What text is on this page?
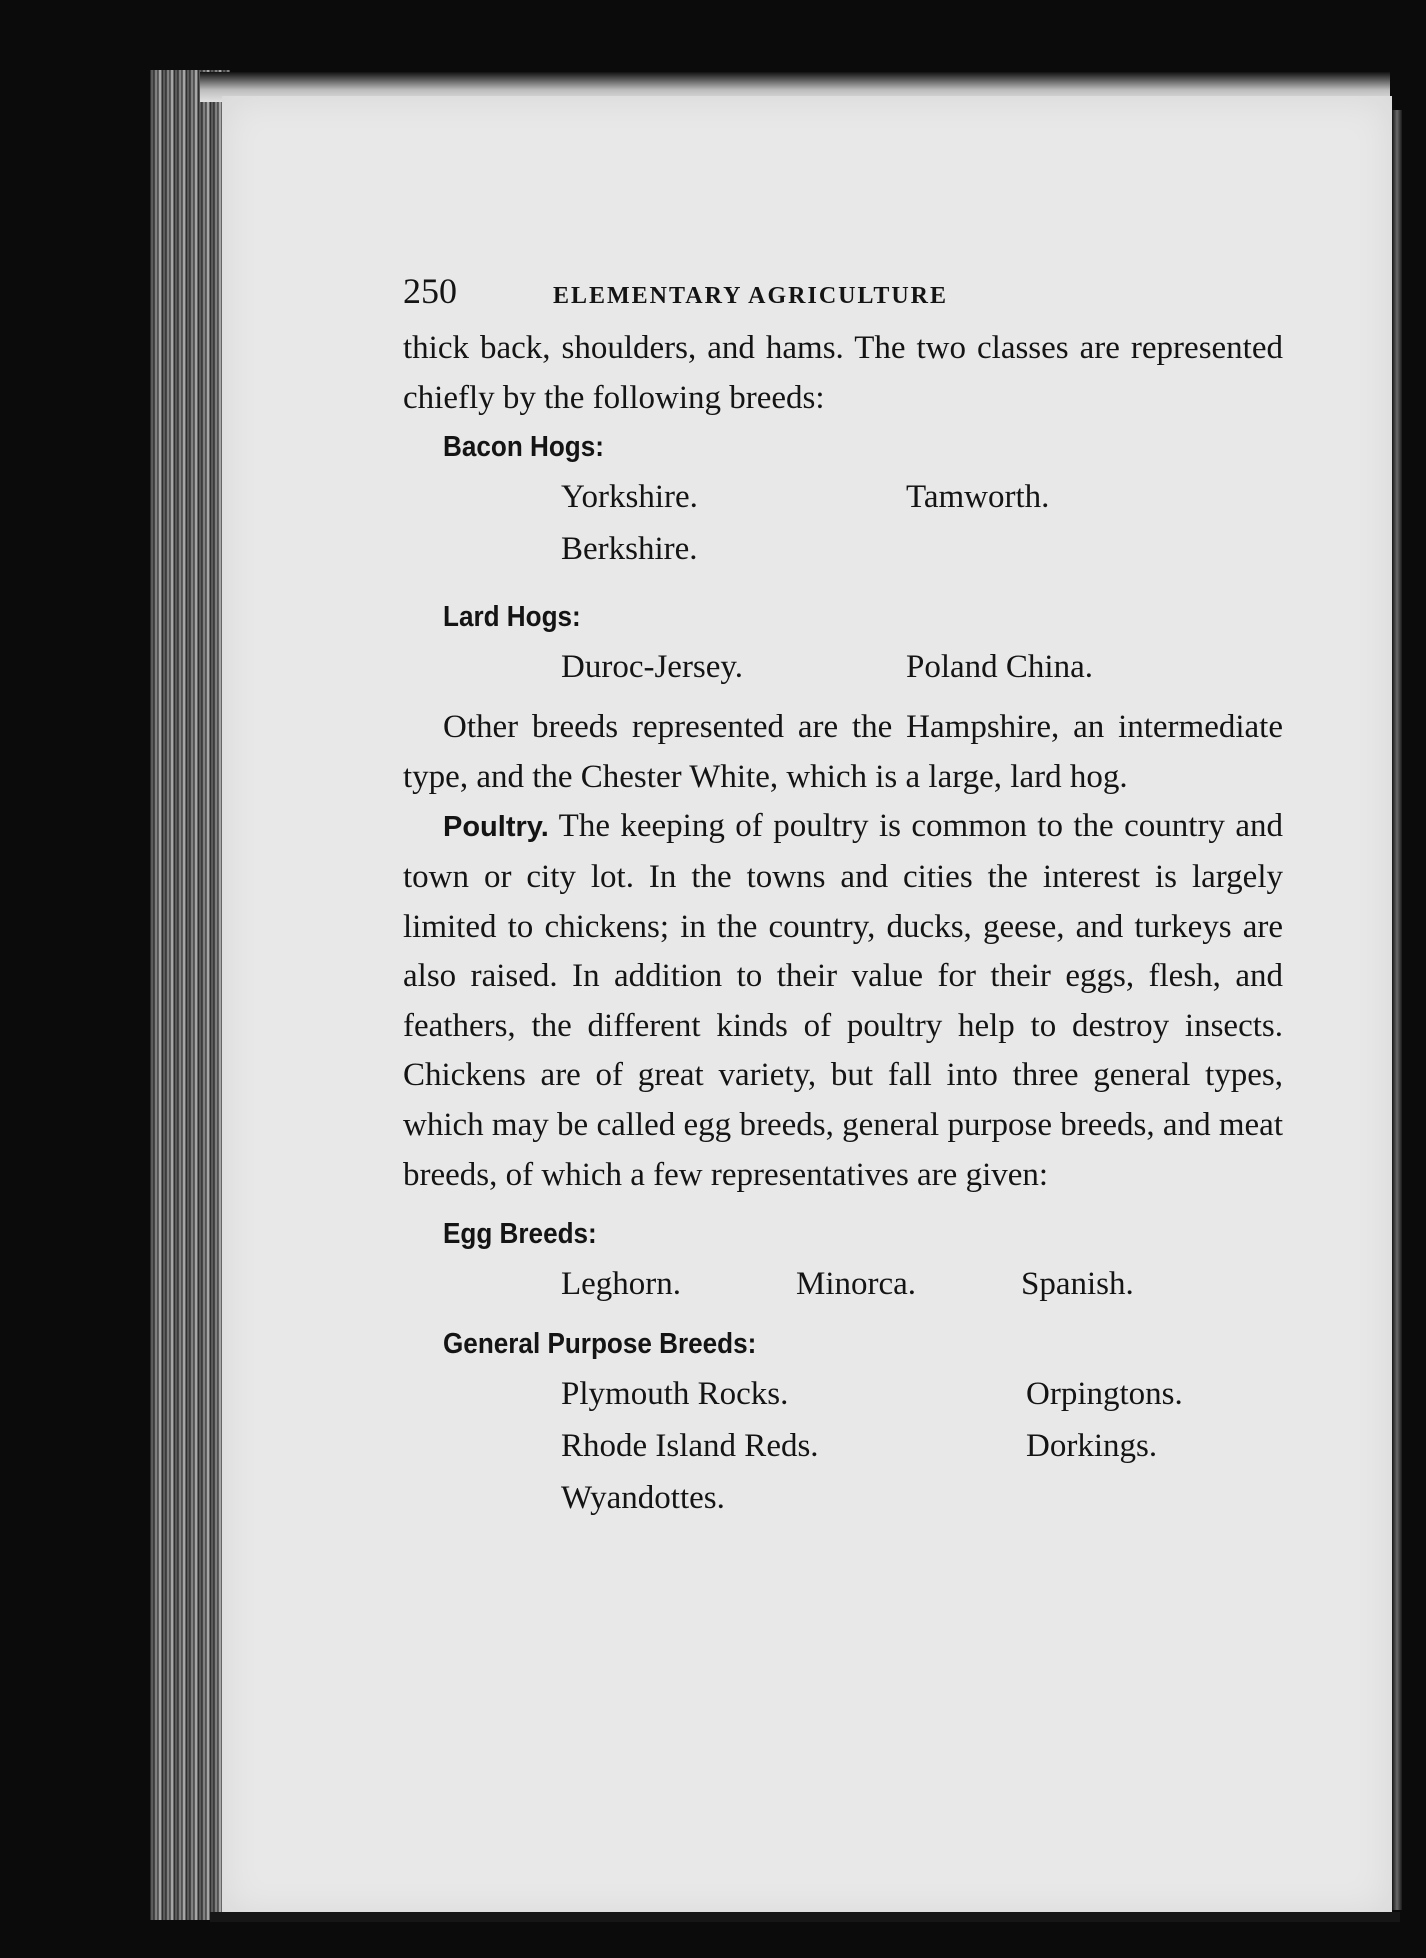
250	ELEMENTARY AGRICULTURE

thick back, shoulders, and hams. The two classes are represented chiefly by the following breeds:

Bacon Hogs:
Yorkshire.	Tamworth.
Berkshire.
Lard Hogs:
Duroc-Jersey.	Poland China.

Other breeds represented are the Hampshire, an intermediate type, and the Chester White, which is a large, lard hog.

Poultry. The keeping of poultry is common to the country and town or city lot. In the towns and cities the interest is largely limited to chickens; in the country, ducks, geese, and turkeys are also raised. In addition to their value for their eggs, flesh, and feathers, the different kinds of poultry help to destroy insects. Chickens are of great variety, but fall into three general types, which may be called egg breeds, general purpose breeds, and meat breeds, of which a few representatives are given:

Egg Breeds:
Leghorn.	Minorca.	Spanish.
General Purpose Breeds:
Plymouth Rocks.	Orpingtons.
Rhode Island Reds.	Dorkings.
Wyandottes.
